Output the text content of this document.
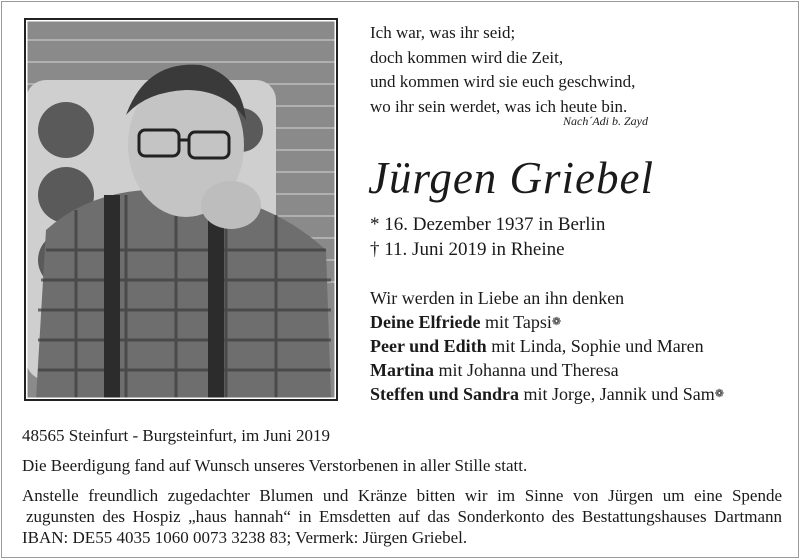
Ich war, was ihr seid;
doch kommen wird die Zeit,
und kommen wird sie euch geschwind,
wo ihr sein werdet, was ich heute bin.
Nach´Adi b. Zayd
Jürgen Griebel
* 16. Dezember 1937 in Berlin
† 11. Juni 2019 in Rheine
Wir werden in Liebe an ihn denken
Deine Elfriede mit Tapsi❁
Peer und Edith mit Linda, Sophie und Maren
Martina mit Johanna und Theresa
Steffen und Sandra mit Jorge, Jannik und Sam❁
48565 Steinfurt - Burgsteinfurt, im Juni 2019
Die Beerdigung fand auf Wunsch unseres Verstorbenen in aller Stille statt.
Anstelle freundlich zugedachter Blumen und Kränze bitten wir im Sinne von Jürgen um eine Spende
zugunsten des Hospiz „haus hannah“ in Emsdetten auf das Sonderkonto des Bestattungshauses Dartmann
IBAN: DE55 4035 1060 0073 3238 83; Vermerk: Jürgen Griebel.
